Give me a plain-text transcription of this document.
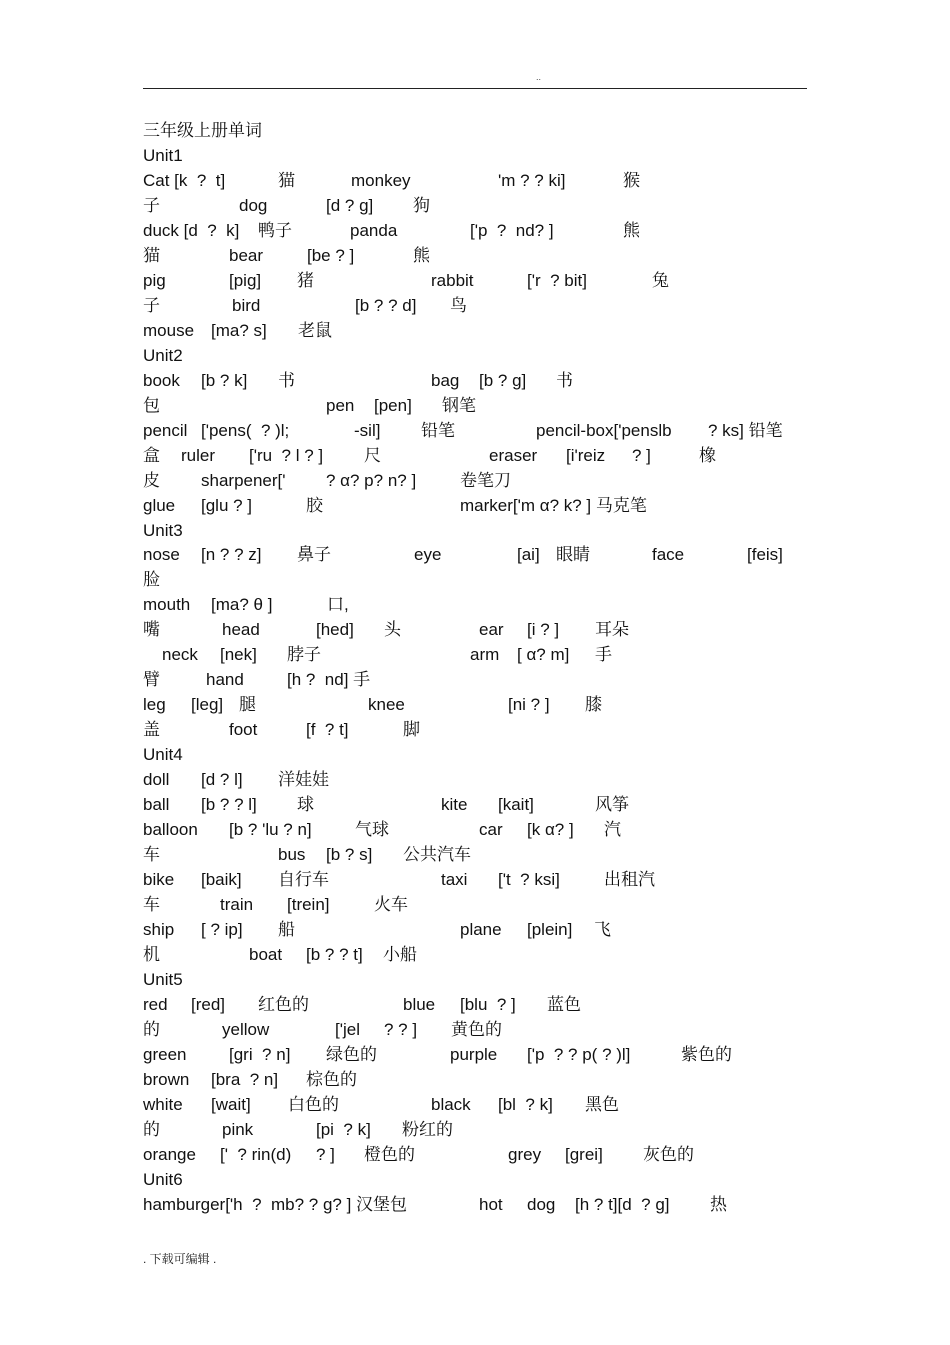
..
三年级上册单词
Unit1
Cat [k  ?  t]	猫	monkey	'm ? ? ki]	猴
子	dog	[d ? g] 狗
duck [d  ?  k] 鸭子	panda	['p  ?  nd? ]	熊
猫	bear	[be ? ]	熊
pig	[pig] 猪	rabbit	['r  ? bit]	兔
子	bird	[b ? ? d] 鸟
mouse [ma? s] 老鼠
Unit2
book [b ? k] 书	bag [b ? g] 书
包	pen [pen] 钢笔
pencil ['pens(  ? )l;	-sil] 铅笔	pencil-box['penslb ? ks] 铅笔
盒 ruler ['ru  ? l ? ] 尺	eraser [i'reiz ? ]	橡
皮 sharpener[' ? α? p? n? ]	卷笔刀
glue [glu ? ]	胶	marker['m α? k? ] 马克笔
Unit3
nose [n ? ? z] 鼻子	eye	[ai] 眼睛	face	[feis]
脸
mouth [ma? θ ]	口,
嘴	head	[hed] 头	ear [i ? ] 耳朵
neck [nek] 脖子	arm [ α? m] 手
臂	hand	[h ?  nd] 手
leg [leg] 腿	knee	[ni ? ] 膝
盖	foot	[f  ? t]	脚
Unit4
doll [d ? l] 洋娃娃
ball [b ? ? l] 球	kite [kait]	风筝
balloon [b ? 'lu ? n]	气球	car [k α? ] 汽
车	bus [b ? s] 公共汽车
bike [baik] 自行车	taxi ['t  ? ksi]	出租汽
车	train [trein]	火车
ship [ ? ip] 船	plane [plein] 飞
机	boat [b ? ? t] 小船
Unit5
red [red] 红色的	blue [blu  ? ] 蓝色
的	yellow	['jel ? ? ] 黄色的
green	[gri  ? n] 绿色的	purple ['p  ? ? p( ? )l]	紫色的
brown [bra  ? n] 棕色的
white [wait] 白色的	black [bl  ? k] 黑色
的	pink	[pi  ? k] 粉红的
orange ['  ? rin(d) ? ] 橙色的	grey [grei] 灰色的
Unit6
hamburger['h  ?  mb? ? g? ] 汉堡包	hot dog [h ? t][d  ? g] 热
. 下载可编辑 .
